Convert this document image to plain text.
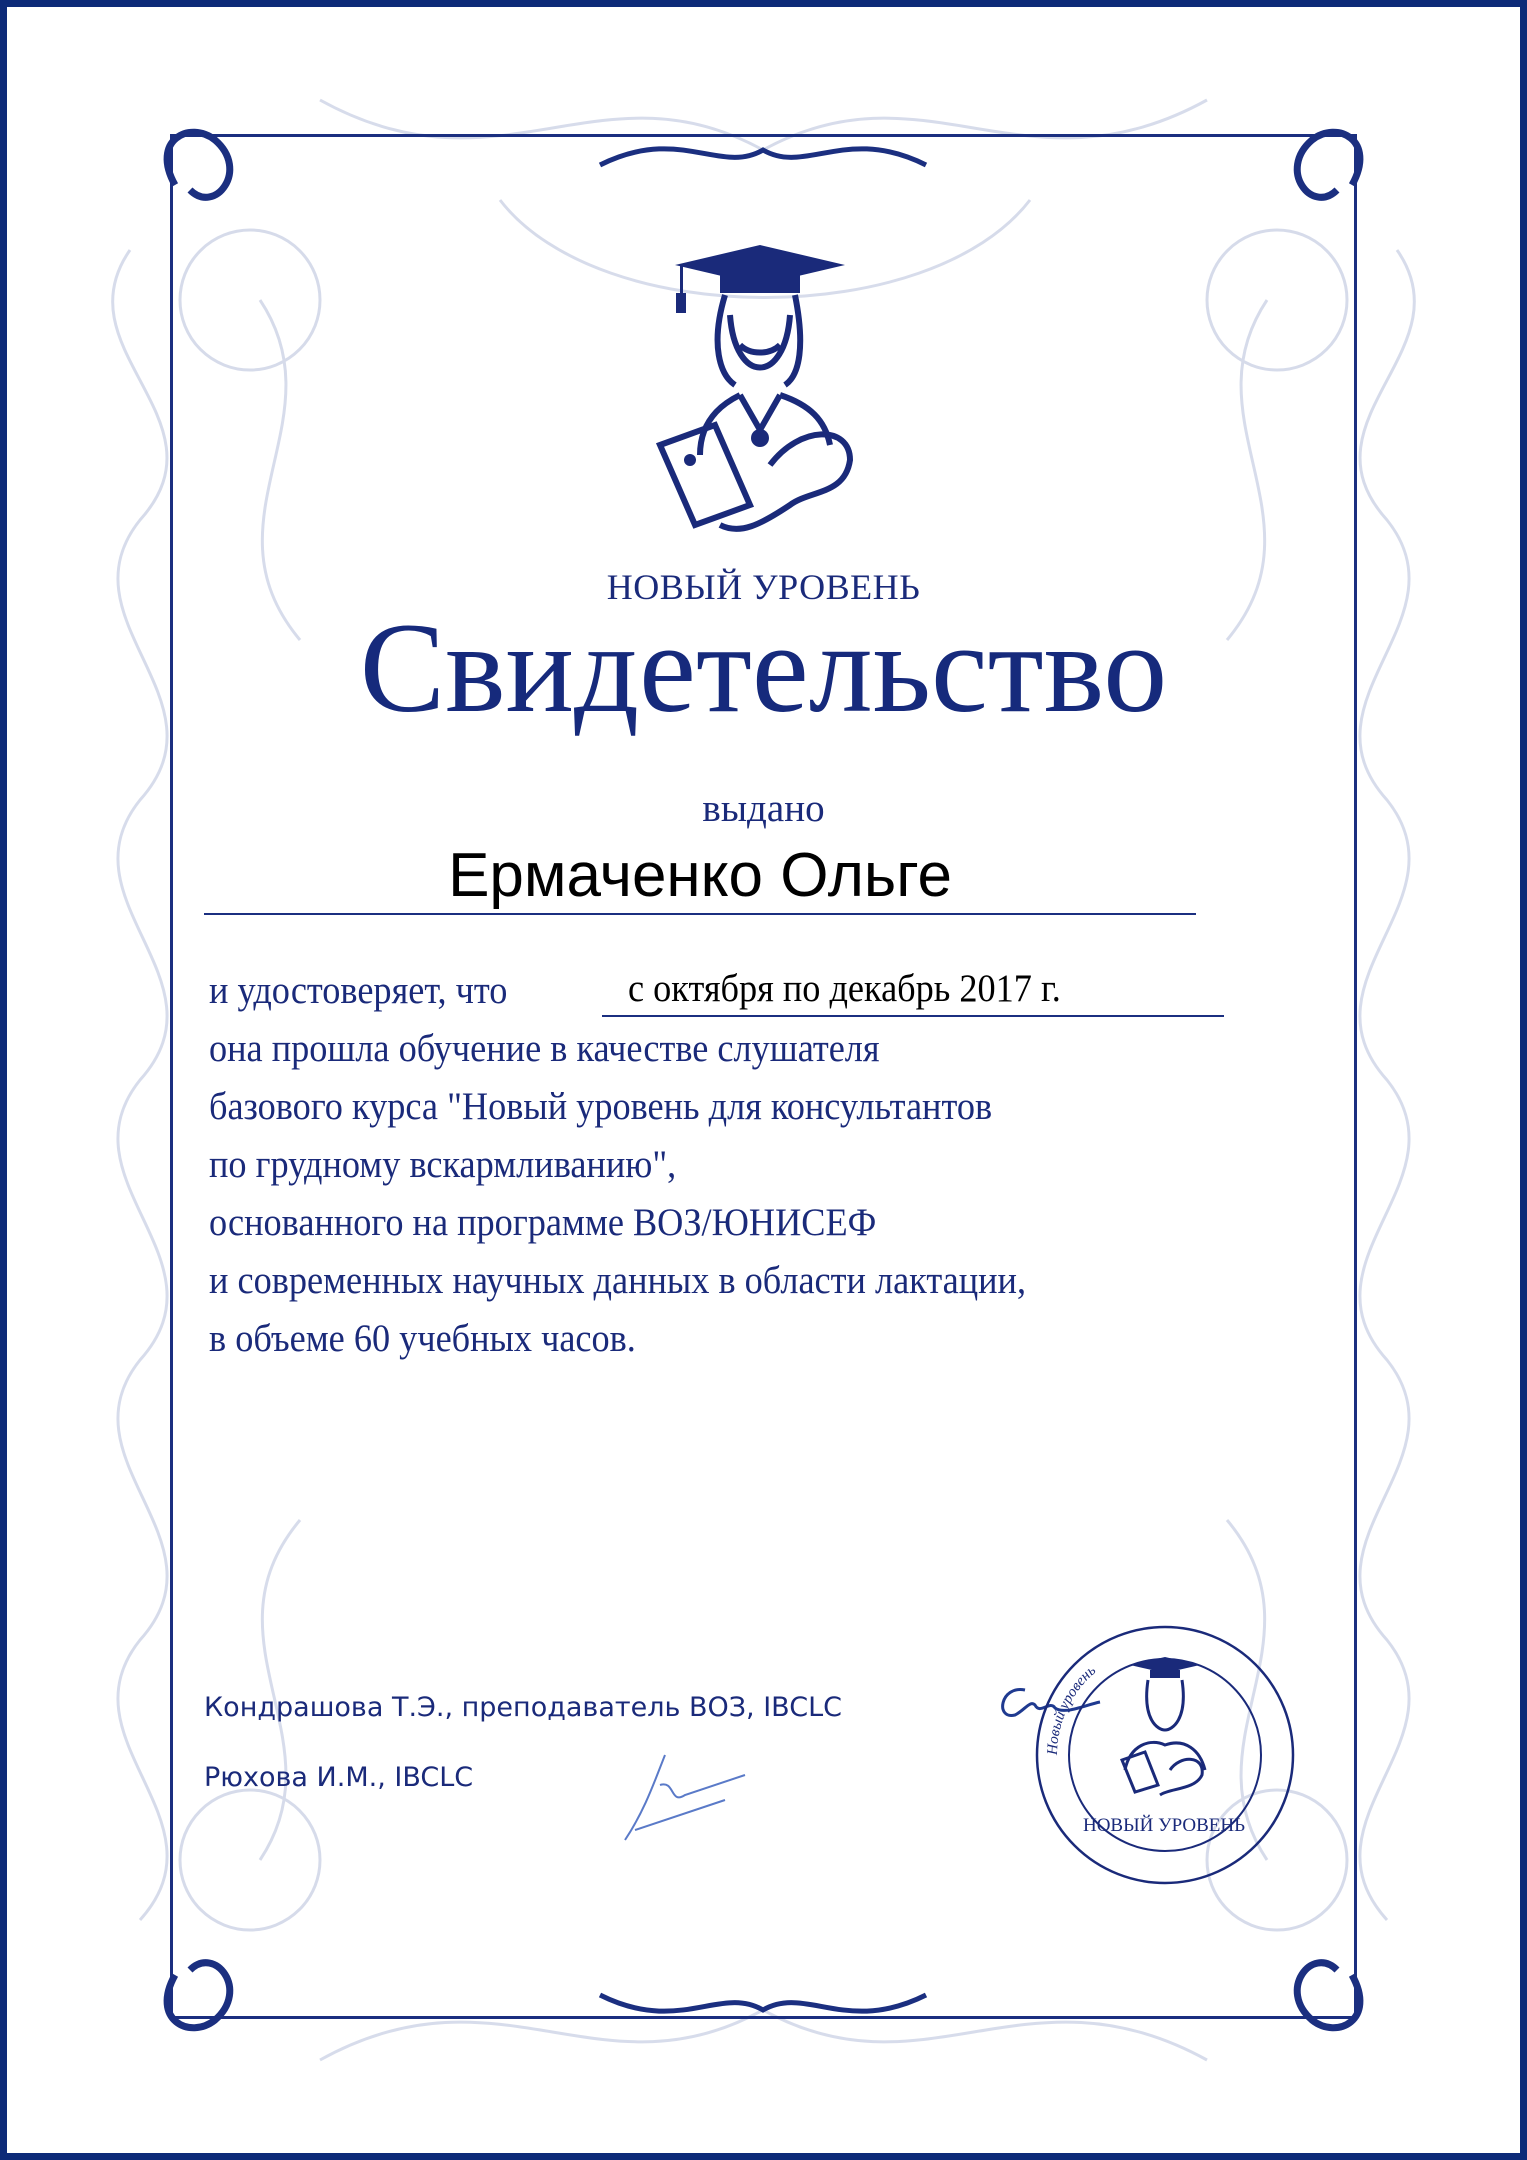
НОВЫЙ УРОВЕНЬ
Свидетельство
выдано
Ермаченко Ольге
и удостоверяет, что	с октября по декабрь 2017 г.
она прошла обучение в качестве слушателя
базового курса "Новый уровень для консультантов
по грудному вскармливанию",
основанного на программе ВОЗ/ЮНИСЕФ
и современных научных данных в области лактации,
в объеме 60 учебных часов.
Кондрашова Т.Э., преподаватель ВОЗ, IBCLC
Рюхова И.М., IBCLC
Новый уровень
НОВЫЙ УРОВЕНЬ
